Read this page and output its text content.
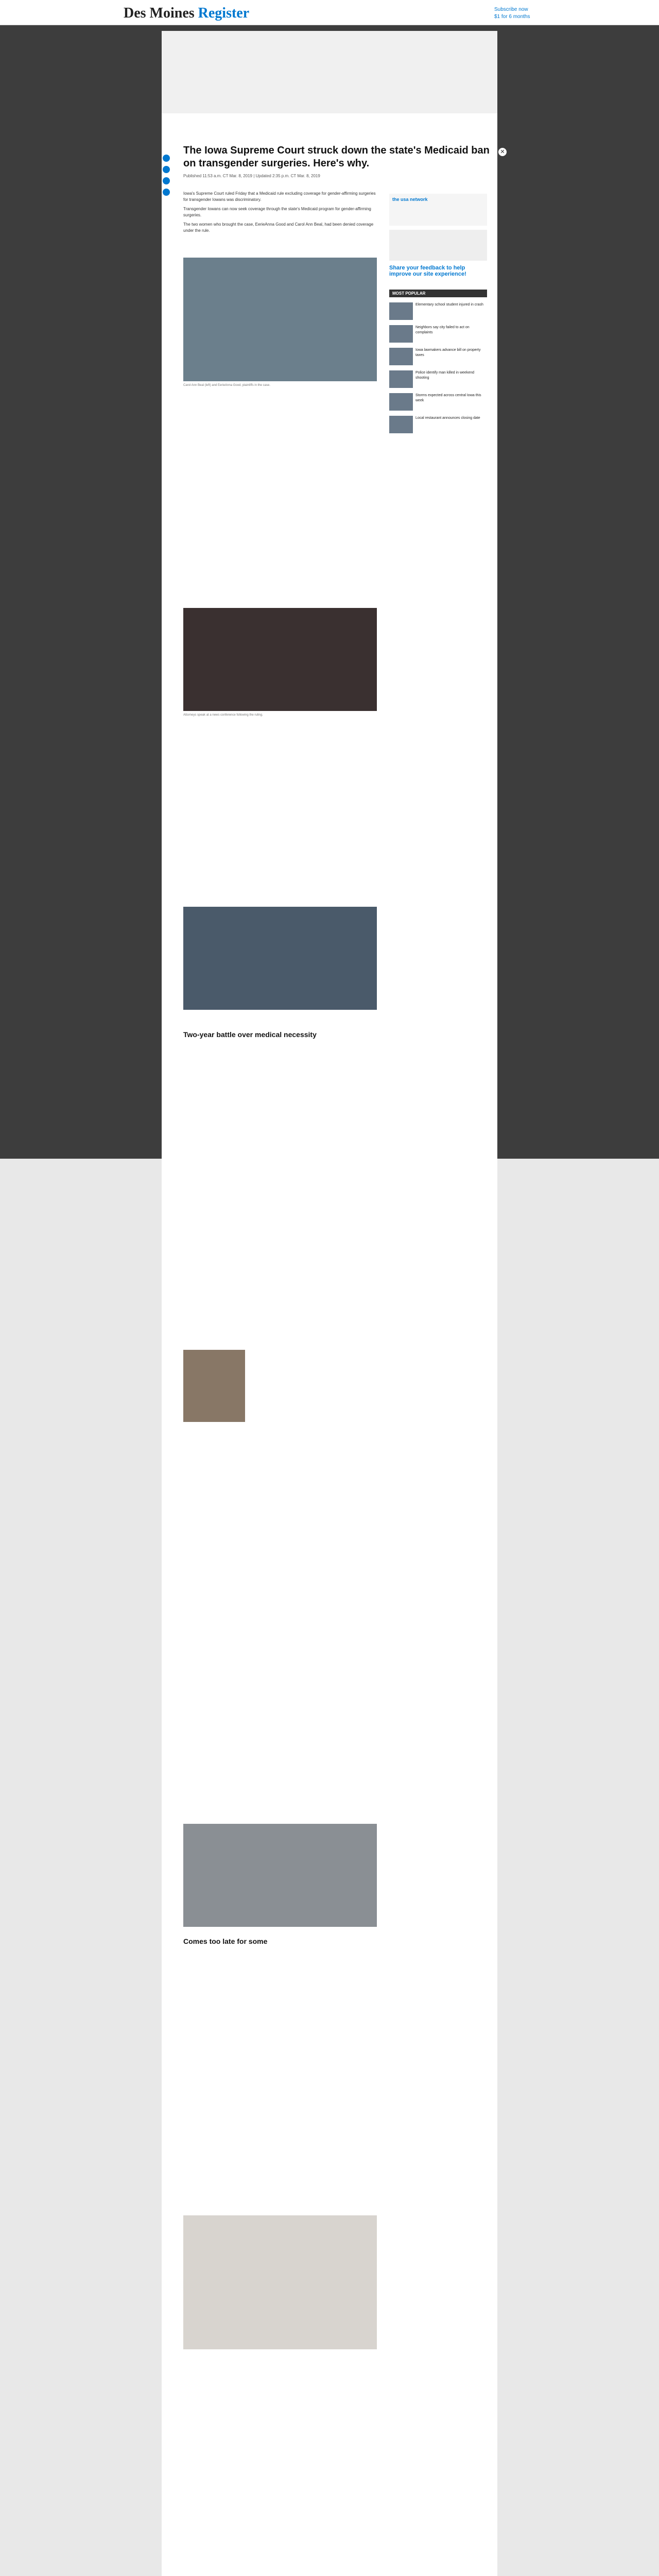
Des Moines Register	Subscribe now
$1 for 6 months
✕
The Iowa Supreme Court struck down the state's Medicaid ban on transgender surgeries. Here's why.
Published 11:53 a.m. CT Mar. 8, 2019 | Updated 2:35 p.m. CT Mar. 8, 2019
the usa network
Share your feedback to help improve our site experience!
MOST POPULAR
Elementary school student injured in crash
Neighbors say city failed to act on complaints
Iowa lawmakers advance bill on property taxes
Police identify man killed in weekend shooting
Storms expected across central Iowa this week
Local restaurant announces closing date

Iowa's Supreme Court ruled Friday that a Medicaid rule excluding coverage for gender-affirming surgeries for transgender Iowans was discriminatory.

Transgender Iowans can now seek coverage through the state's Medicaid program for gender-affirming surgeries.

The two women who brought the case, EerieAnna Good and Carol Ann Beal, had been denied coverage under the rule.

Carol Ann Beal (left) and EerieAnna Good, plaintiffs in the case.
Attorneys speak at a news conference following the ruling.
Two-year battle over medical necessity
Comes too late for some
